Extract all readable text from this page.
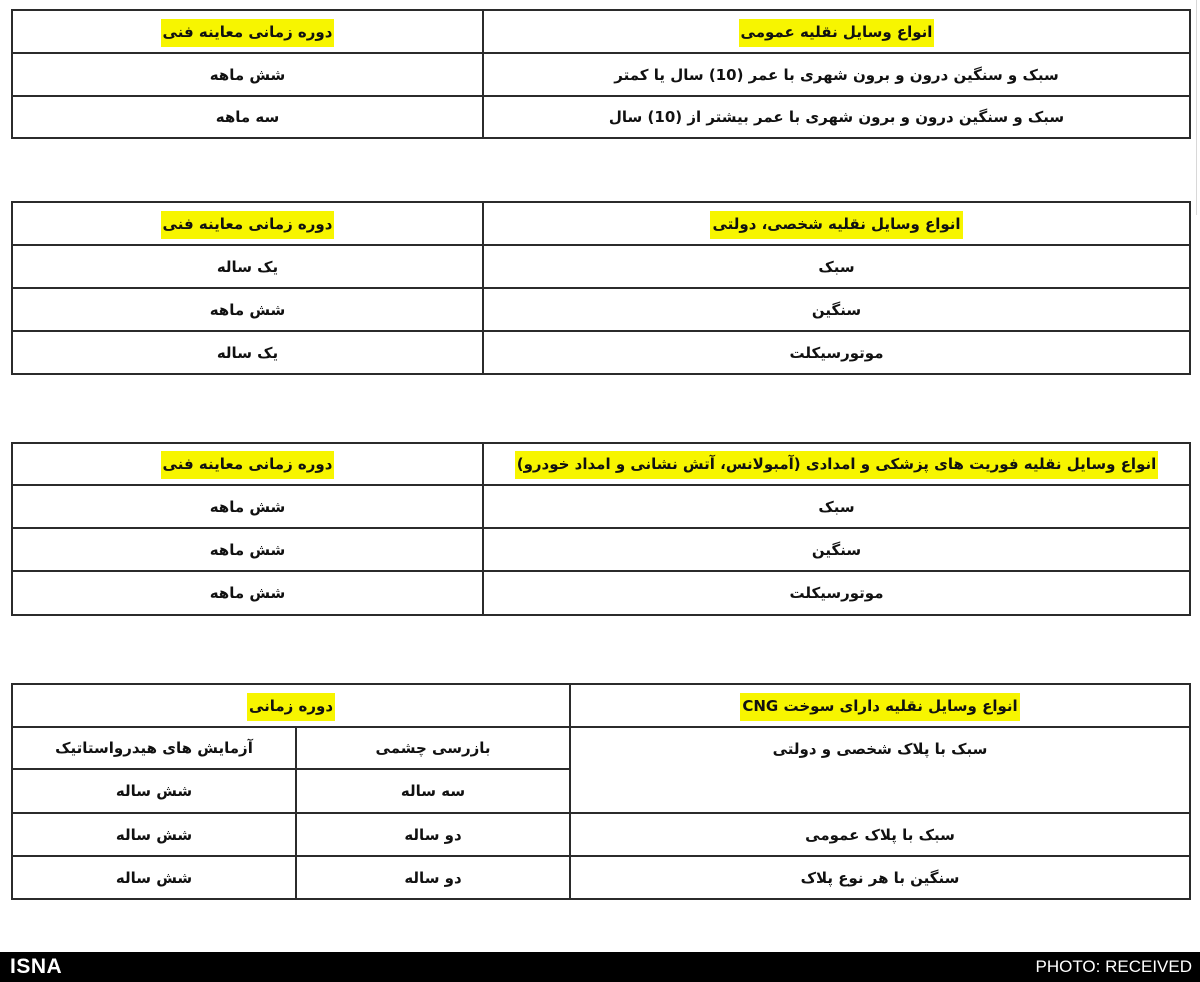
انواع وسایل نقلیه عمومی	دوره زمانی معاینه فنی
سبک و سنگین درون و برون شهری با عمر (10) سال یا کمتر	شش ماهه
سبک و سنگین درون و برون شهری با عمر بیشتر از (10) سال	سه ماهه
انواع وسایل نقلیه شخصی، دولتی	دوره زمانی معاینه فنی
سبک	یک ساله
سنگین	شش ماهه
موتورسیکلت	یک ساله
انواع وسایل نقلیه فوریت های پزشکی و امدادی (آمبولانس، آتش نشانی و امداد خودرو)	دوره زمانی معاینه فنی
سبک	شش ماهه
سنگین	شش ماهه
موتورسیکلت	شش ماهه
انواع وسایل نقلیه دارای سوخت CNG	دوره زمانی	
سبک با پلاک شخصی و دولتی	بازرسی چشمی	آزمایش های هیدرواستاتیک
	سه ساله	شش ساله
سبک با پلاک عمومی	دو ساله	شش ساله
سنگین با هر نوع پلاک	دو ساله	شش ساله
ISNA	PHOTO: RECEIVED
